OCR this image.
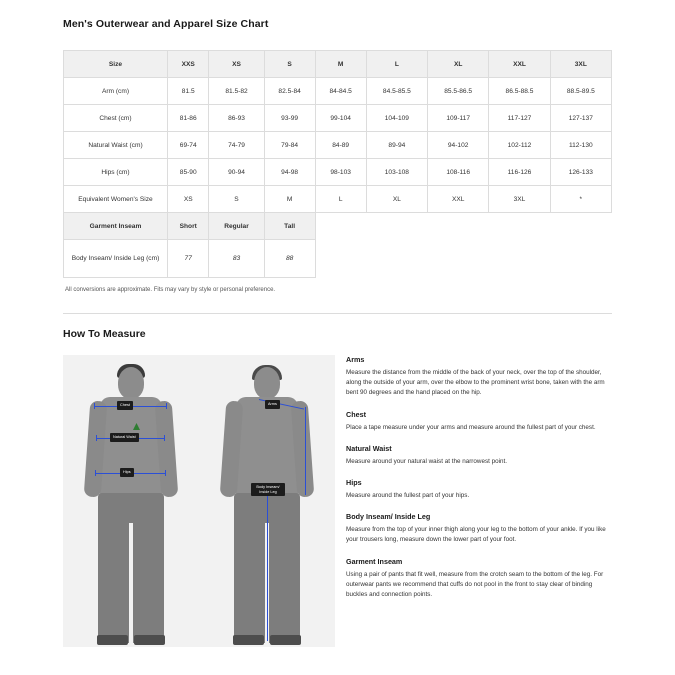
Men's Outerwear and Apparel Size Chart
Size	XXS	XS	S	M	L	XL	XXL	3XL
Arm (cm)	81.5	81.5-82	82.5-84	84-84.5	84.5-85.5	85.5-86.5	86.5-88.5	88.5-89.5
Chest (cm)	81-86	86-93	93-99	99-104	104-109	109-117	117-127	127-137
Natural Waist (cm)	69-74	74-79	79-84	84-89	89-94	94-102	102-112	112-130
Hips (cm)	85-90	90-94	94-98	98-103	103-108	108-116	116-126	126-133
Equivalent Women's Size	XS	S	M	L	XL	XXL	3XL	*
Garment Inseam	Short	Regular	Tall					
Body Inseam/ Inside Leg (cm)	77	83	88					
All conversions are approximate. Fits may vary by style or personal preference.
How To Measure
Chest
Natural Waist
Hips
Arms
Body Inseam/ Inside Leg
Arms

Measure the distance from the middle of the back of your neck, over the top of the shoulder, along the outside of your arm, over the elbow to the prominent wrist bone, taken with the arm bent 90 degrees and the hand placed on the hip.

Chest

Place a tape measure under your arms and measure around the fullest part of your chest.

Natural Waist

Measure around your natural waist at the narrowest point.

Hips

Measure around the fullest part of your hips.

Body Inseam/ Inside Leg

Measure from the top of your inner thigh along your leg to the bottom of your ankle. If you like your trousers long, measure down the lower part of your foot.

Garment Inseam

Using a pair of pants that fit well, measure from the crotch seam to the bottom of the leg. For outerwear pants we recommend that cuffs do not pool in the front to stay clear of binding buckles and connection points.
